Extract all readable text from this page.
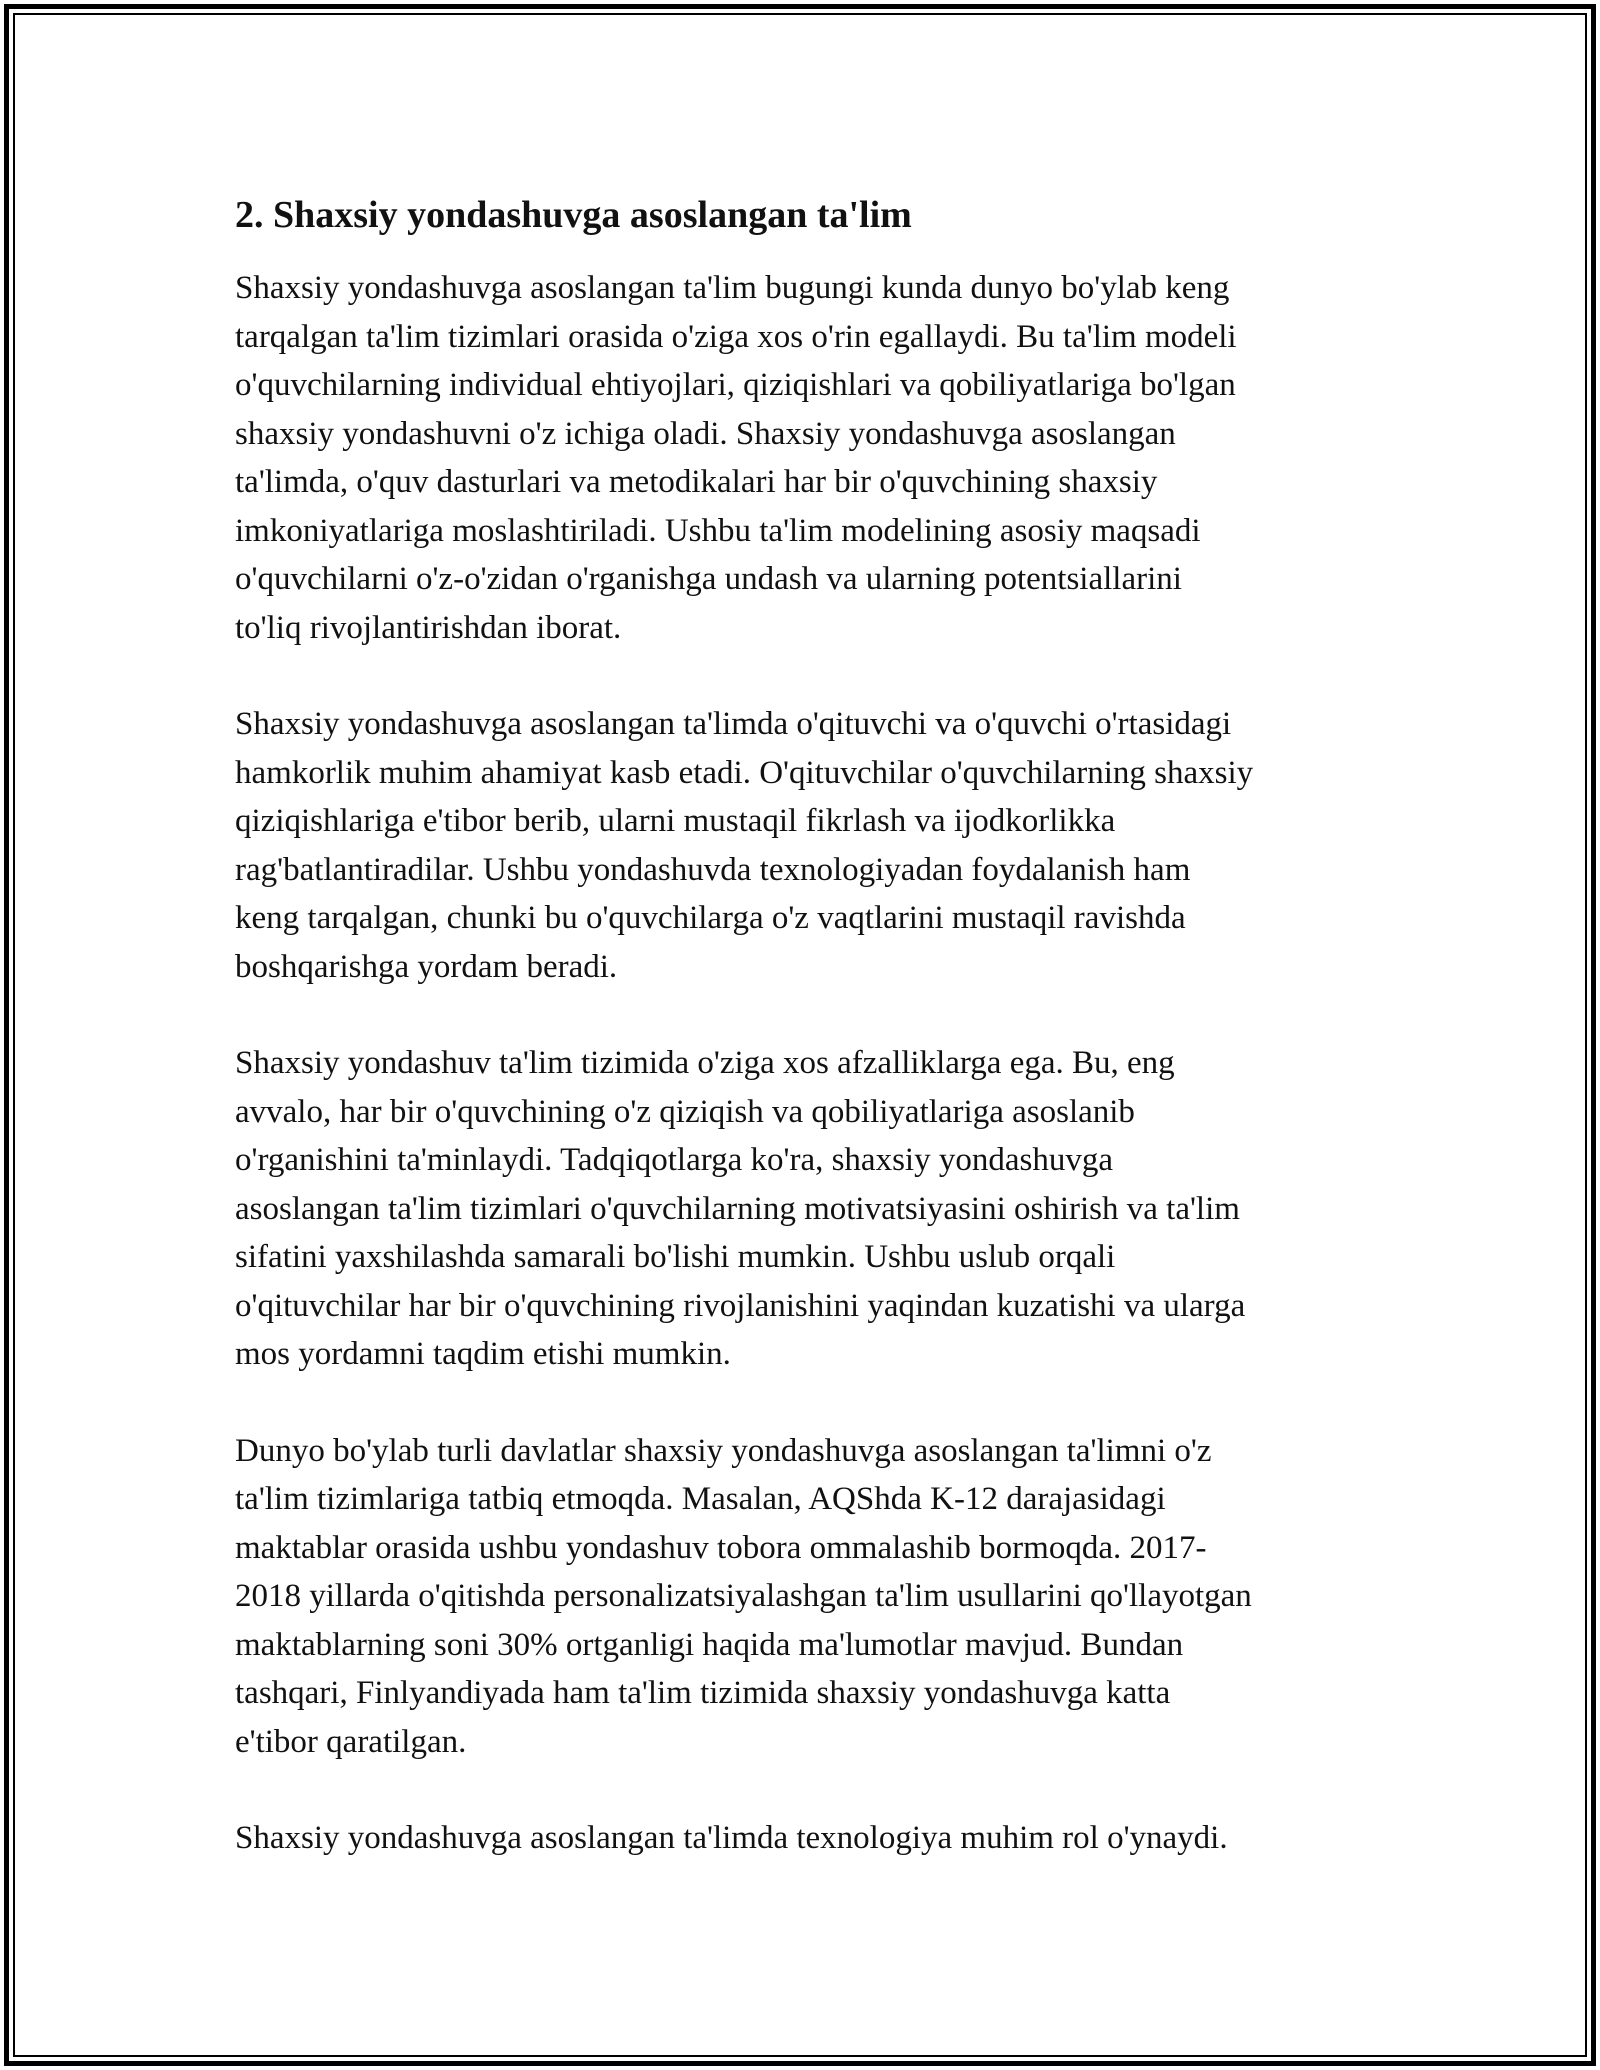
2. Shaxsiy yondashuvga asoslangan ta'lim

Shaxsiy yondashuvga asoslangan ta'lim bugungi kunda dunyo bo'ylab keng
tarqalgan ta'lim tizimlari orasida o'ziga xos o'rin egallaydi. Bu ta'lim modeli
o'quvchilarning individual ehtiyojlari, qiziqishlari va qobiliyatlariga bo'lgan
shaxsiy yondashuvni o'z ichiga oladi. Shaxsiy yondashuvga asoslangan
ta'limda, o'quv dasturlari va metodikalari har bir o'quvchining shaxsiy
imkoniyatlariga moslashtiriladi. Ushbu ta'lim modelining asosiy maqsadi
o'quvchilarni o'z-o'zidan o'rganishga undash va ularning potentsiallarini
to'liq rivojlantirishdan iborat.

Shaxsiy yondashuvga asoslangan ta'limda o'qituvchi va o'quvchi o'rtasidagi
hamkorlik muhim ahamiyat kasb etadi. O'qituvchilar o'quvchilarning shaxsiy
qiziqishlariga e'tibor berib, ularni mustaqil fikrlash va ijodkorlikka
rag'batlantiradilar. Ushbu yondashuvda texnologiyadan foydalanish ham
keng tarqalgan, chunki bu o'quvchilarga o'z vaqtlarini mustaqil ravishda
boshqarishga yordam beradi.

Shaxsiy yondashuv ta'lim tizimida o'ziga xos afzalliklarga ega. Bu, eng
avvalo, har bir o'quvchining o'z qiziqish va qobiliyatlariga asoslanib
o'rganishini ta'minlaydi. Tadqiqotlarga ko'ra, shaxsiy yondashuvga
asoslangan ta'lim tizimlari o'quvchilarning motivatsiyasini oshirish va ta'lim
sifatini yaxshilashda samarali bo'lishi mumkin. Ushbu uslub orqali
o'qituvchilar har bir o'quvchining rivojlanishini yaqindan kuzatishi va ularga
mos yordamni taqdim etishi mumkin.

Dunyo bo'ylab turli davlatlar shaxsiy yondashuvga asoslangan ta'limni o'z
ta'lim tizimlariga tatbiq etmoqda. Masalan, AQShda K-12 darajasidagi
maktablar orasida ushbu yondashuv tobora ommalashib bormoqda. 2017-
2018 yillarda o'qitishda personalizatsiyalashgan ta'lim usullarini qo'llayotgan
maktablarning soni 30% ortganligi haqida ma'lumotlar mavjud. Bundan
tashqari, Finlyandiyada ham ta'lim tizimida shaxsiy yondashuvga katta
e'tibor qaratilgan.

Shaxsiy yondashuvga asoslangan ta'limda texnologiya muhim rol o'ynaydi.
